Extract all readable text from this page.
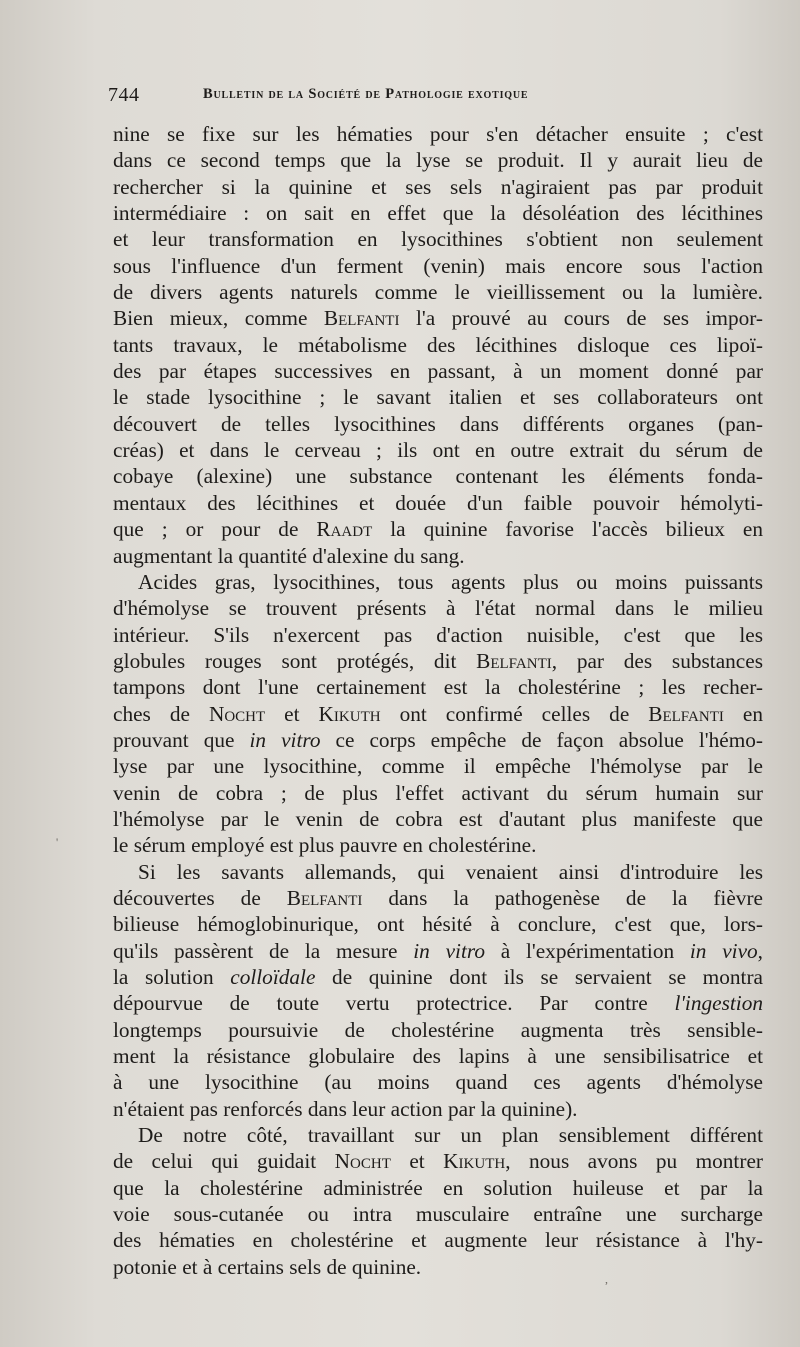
744	Bulletin de la Société de Pathologie exotique
nine se fixe sur les hématies pour s'en détacher ensuite ; c'est
dans ce second temps que la lyse se produit. Il y aurait lieu de
rechercher si la quinine et ses sels n'agiraient pas par produit
intermédiaire : on sait en effet que la désoléation des lécithines
et leur transformation en lysocithines s'obtient non seulement
sous l'influence d'un ferment (venin) mais encore sous l'action
de divers agents naturels comme le vieillissement ou la lumière.
Bien mieux, comme Belfanti l'a prouvé au cours de ses impor-
tants travaux, le métabolisme des lécithines disloque ces lipoï-
des par étapes successives en passant, à un moment donné par
le stade lysocithine ; le savant italien et ses collaborateurs ont
découvert de telles lysocithines dans différents organes (pan-
créas) et dans le cerveau ; ils ont en outre extrait du sérum de
cobaye (alexine) une substance contenant les éléments fonda-
mentaux des lécithines et douée d'un faible pouvoir hémolyti-
que ; or pour de Raadt la quinine favorise l'accès bilieux en
augmentant la quantité d'alexine du sang.
Acides gras, lysocithines, tous agents plus ou moins puissants
d'hémolyse se trouvent présents à l'état normal dans le milieu
intérieur. S'ils n'exercent pas d'action nuisible, c'est que les
globules rouges sont protégés, dit Belfanti, par des substances
tampons dont l'une certainement est la cholestérine ; les recher-
ches de Nocht et Kikuth ont confirmé celles de Belfanti en
prouvant que in vitro ce corps empêche de façon absolue l'hémo-
lyse par une lysocithine, comme il empêche l'hémolyse par le
venin de cobra ; de plus l'effet activant du sérum humain sur
l'hémolyse par le venin de cobra est d'autant plus manifeste que
le sérum employé est plus pauvre en cholestérine.
Si les savants allemands, qui venaient ainsi d'introduire les
découvertes de Belfanti dans la pathogenèse de la fièvre
bilieuse hémoglobinurique, ont hésité à conclure, c'est que, lors-
qu'ils passèrent de la mesure in vitro à l'expérimentation in vivo,
la solution colloïdale de quinine dont ils se servaient se montra
dépourvue de toute vertu protectrice. Par contre l'ingestion
longtemps poursuivie de cholestérine augmenta très sensible-
ment la résistance globulaire des lapins à une sensibilisatrice et
à une lysocithine (au moins quand ces agents d'hémolyse
n'étaient pas renforcés dans leur action par la quinine).
De notre côté, travaillant sur un plan sensiblement différent
de celui qui guidait Nocht et Kikuth, nous avons pu montrer
que la cholestérine administrée en solution huileuse et par la
voie sous-cutanée ou intra musculaire entraîne une surcharge
des hématies en cholestérine et augmente leur résistance à l'hy-
potonie et à certains sels de quinine.
'
,
